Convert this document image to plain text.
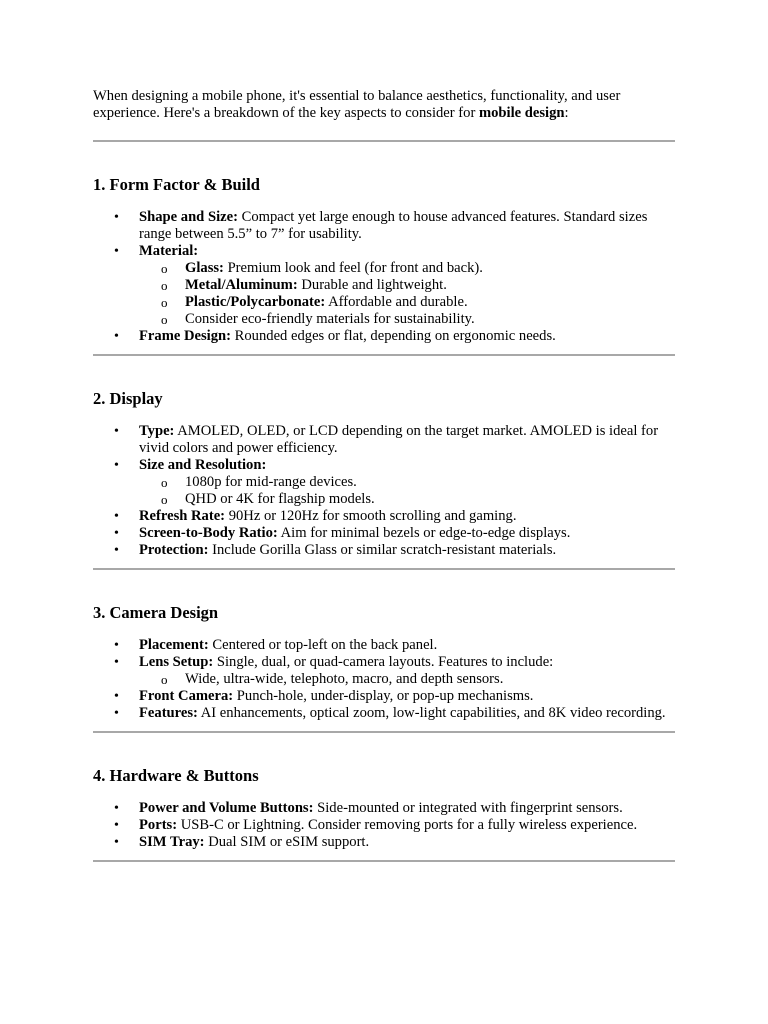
When designing a mobile phone, it's essential to balance aesthetics, functionality, and user experience. Here's a breakdown of the key aspects to consider for mobile design:

1. Form Factor & Build
• Shape and Size: Compact yet large enough to house advanced features. Standard sizes range between 5.5” to 7” for usability.
• Material:
o Glass: Premium look and feel (for front and back).
o Metal/Aluminum: Durable and lightweight.
o Plastic/Polycarbonate: Affordable and durable.
o Consider eco-friendly materials for sustainability.
• Frame Design: Rounded edges or flat, depending on ergonomic needs.
2. Display
• Type: AMOLED, OLED, or LCD depending on the target market. AMOLED is ideal for vivid colors and power efficiency.
• Size and Resolution:
o 1080p for mid-range devices.
o QHD or 4K for flagship models.
• Refresh Rate: 90Hz or 120Hz for smooth scrolling and gaming.
• Screen-to-Body Ratio: Aim for minimal bezels or edge-to-edge displays.
• Protection: Include Gorilla Glass or similar scratch-resistant materials.
3. Camera Design
• Placement: Centered or top-left on the back panel.
• Lens Setup: Single, dual, or quad-camera layouts. Features to include:
o Wide, ultra-wide, telephoto, macro, and depth sensors.
• Front Camera: Punch-hole, under-display, or pop-up mechanisms.
• Features: AI enhancements, optical zoom, low-light capabilities, and 8K video recording.
4. Hardware & Buttons
• Power and Volume Buttons: Side-mounted or integrated with fingerprint sensors.
• Ports: USB-C or Lightning. Consider removing ports for a fully wireless experience.
• SIM Tray: Dual SIM or eSIM support.
